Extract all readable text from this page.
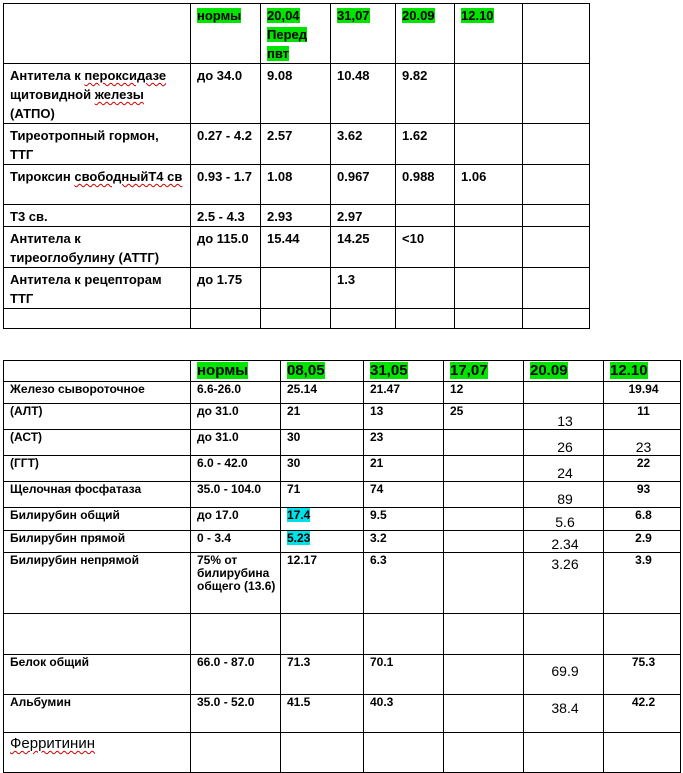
	нормы	20,04 Перед пвт	31,07	20.09	12.10	
Антитела к пероксидазе щитовидной железы (АТПО)	до 34.0	9.08	10.48	9.82		
Тиреотропный гормон, ТТГ	0.27 - 4.2	2.57	3.62	1.62		
Тироксин свободныйТ4 св	0.93 - 1.7	1.08	0.967	0.988	1.06	
Т3 св.	2.5 - 4.3	2.93	2.97			
Антитела к тиреоглобулину (АТТГ)	до 115.0	15.44	14.25	<10		
Антитела к рецепторам ТТГ	до 1.75		1.3			

	нормы	08,05	31,05	17,07	20.09	12.10
Железо сывороточное	6.6-26.0	25.14	21.47	12		19.94
(АЛТ)	до 31.0	21	13	25	13	11
(АСТ)	до 31.0	30	23		26	23
(ГГТ)	6.0 - 42.0	30	21		24	22
Щелочная фосфатаза	35.0 - 104.0	71	74		89	93
Билирубин общий	до 17.0	17.4	9.5		5.6	6.8
Билирубин прямой	0 - 3.4	5.23	3.2		2.34	2.9
Билирубин непрямой	75% от билирубина общего (13.6)	12.17	6.3		3.26	3.9

Белок общий	66.0 - 87.0	71.3	70.1		69.9	75.3
Альбумин	35.0 - 52.0	41.5	40.3		38.4	42.2
Ферритинин						
